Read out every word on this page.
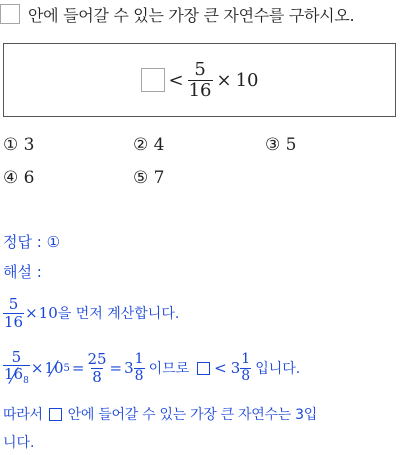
안에 들어갈 수 있는 가장 큰 자연수를 구하시오.
< $\frac{5}{16} \times 10$
① 3	② 4	③ 5
④ 6	⑤ 7
정답 : ①
해설 :
$\frac{5}{16} \times 10$ 을 먼저 계산합니다.
$\frac{5}{16_8} \times 10$ $5 = \frac{25}{8} = 3 \frac{1}{8}$ 이므로 < $3 \frac{1}{8}$ 입니다.
따라서 안에 들어갈 수 있는 가장 큰 자연수는 3입
니다.
